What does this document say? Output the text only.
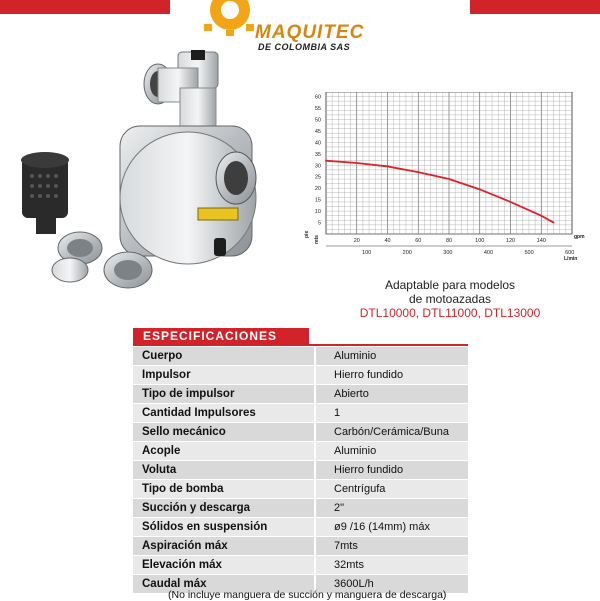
MAQUITEC
DE COLOMBIA SAS
5
10
15
20
25
30
35
40
45
50
55
60
20	40	60	80	100	120	140
100	200	300	400	500	600
gpm
L/min
pie
mts
Adaptable para modelos
de motoazadas
DTL10000, DTL11000, DTL13000
ESPECIFICACIONES
Cuerpo	Aluminio
Impulsor	Hierro fundido
Tipo de impulsor	Abierto
Cantidad Impulsores	1
Sello mecánico	Carbón/Cerámica/Buna
Acople	Aluminio
Voluta	Hierro fundido
Tipo de bomba	Centrígufa
Succión y descarga	2"
Sólidos en suspensión	ø9 /16 (14mm) máx
Aspiración máx	7mts
Elevación máx	32mts
Caudal máx	3600L/h
(No incluye manguera de succión y manguera de descarga)
